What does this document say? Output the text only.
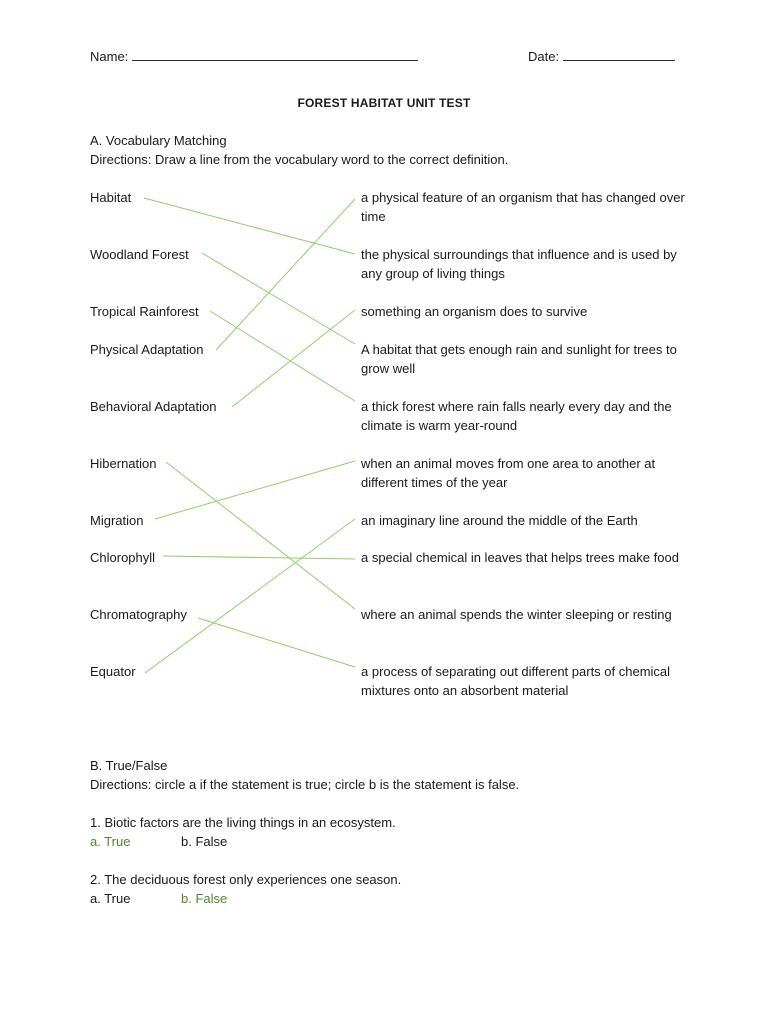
Name:	Date:
FOREST HABITAT UNIT TEST
A. Vocabulary Matching
Directions: Draw a line from the vocabulary word to the correct definition.
Habitat
Woodland Forest
Tropical Rainforest
Physical Adaptation
Behavioral Adaptation
Hibernation
Migration
Chlorophyll
Chromatography
Equator
a physical feature of an organism that has changed over time
the physical surroundings that influence and is used by any group of living things
something an organism does to survive
A habitat that gets enough rain and sunlight for trees to grow well
a thick forest where rain falls nearly every day and the climate is warm year-round
when an animal moves from one area to another at different times of the year
an imaginary line around the middle of the Earth
a special chemical in leaves that helps trees make food
where an animal spends the winter sleeping or resting
a process of separating out different parts of chemical mixtures onto an absorbent material
B. True/False
Directions: circle a if the statement is true; circle b is the statement is false.
1. Biotic factors are the living things in an ecosystem.
a. True	b. False
2. The deciduous forest only experiences one season.
a. True	b. False
